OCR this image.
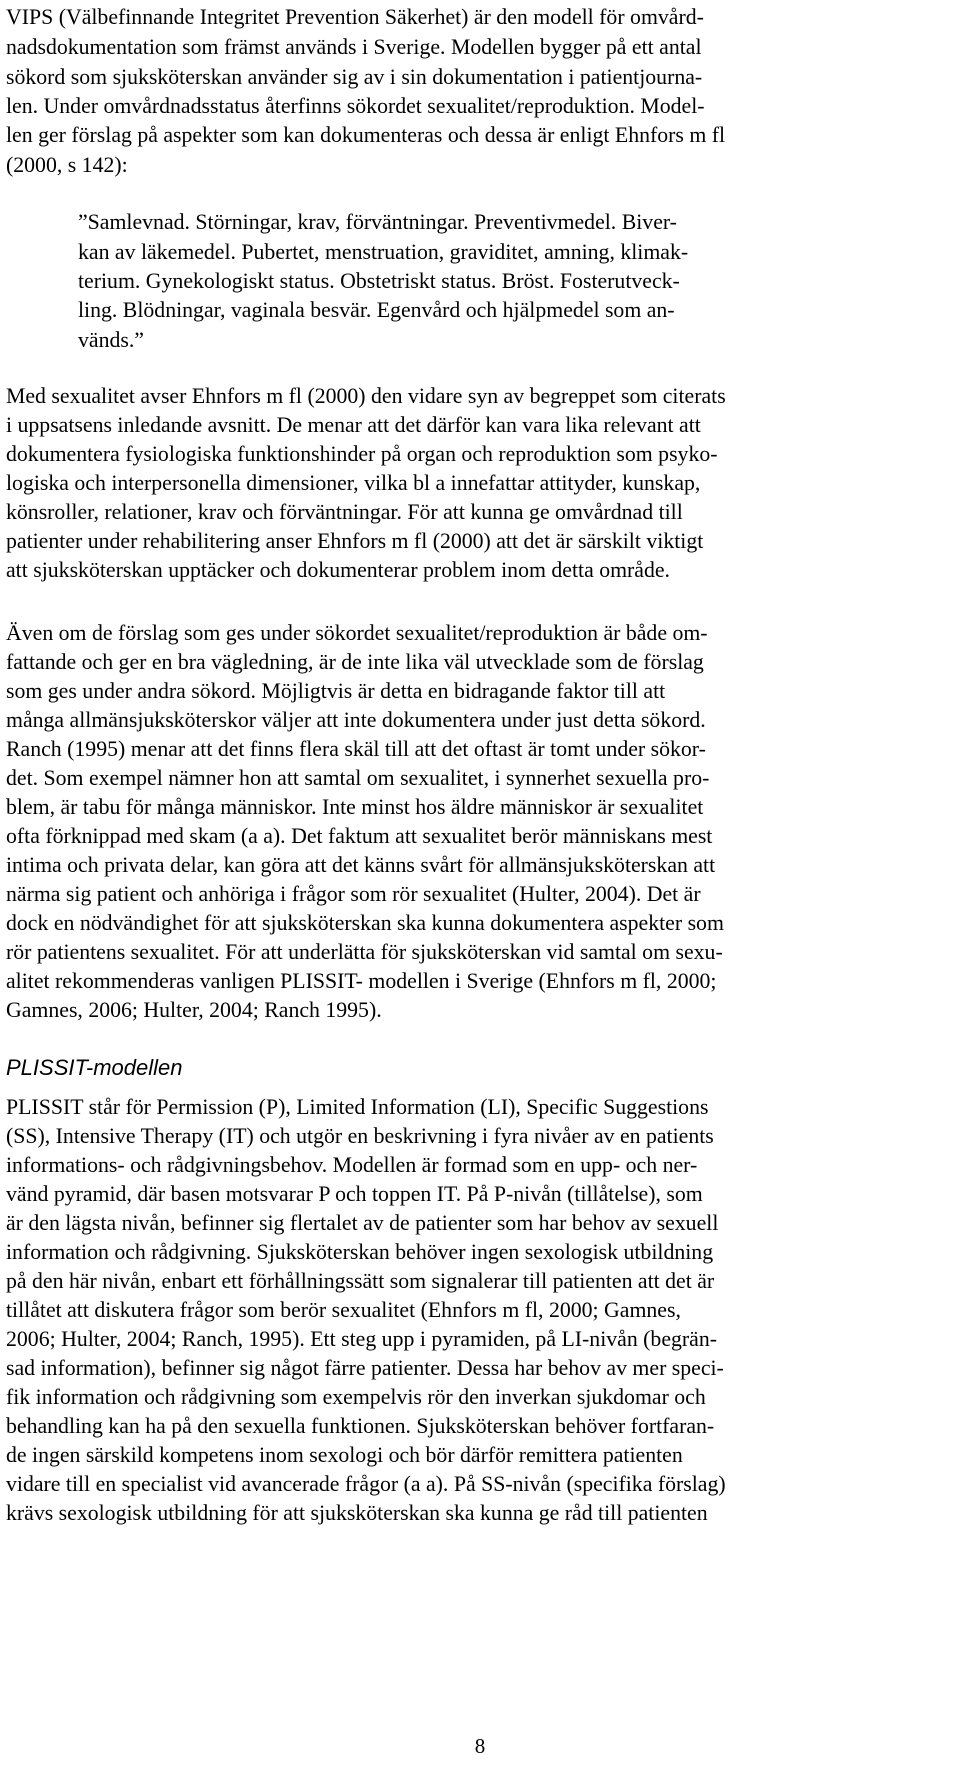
VIPS (Välbefinnande Integritet Prevention Säkerhet) är den modell för omvård-
nadsdokumentation som främst används i Sverige. Modellen bygger på ett antal
sökord som sjuksköterskan använder sig av i sin dokumentation i patientjourna-
len. Under omvårdnadsstatus återfinns sökordet sexualitet/reproduktion. Model-
len ger förslag på aspekter som kan dokumenteras och dessa är enligt Ehnfors m fl
(2000, s 142):
”Samlevnad. Störningar, krav, förväntningar. Preventivmedel. Biver-
kan av läkemedel. Pubertet, menstruation, graviditet, amning, klimak-
terium. Gynekologiskt status. Obstetriskt status. Bröst. Fosterutveck-
ling. Blödningar, vaginala besvär. Egenvård och hjälpmedel som an-
vänds.”
Med sexualitet avser Ehnfors m fl (2000) den vidare syn av begreppet som citerats
i uppsatsens inledande avsnitt. De menar att det därför kan vara lika relevant att
dokumentera fysiologiska funktionshinder på organ och reproduktion som psyko-
logiska och interpersonella dimensioner, vilka bl a innefattar attityder, kunskap,
könsroller, relationer, krav och förväntningar. För att kunna ge omvårdnad till
patienter under rehabilitering anser Ehnfors m fl (2000) att det är särskilt viktigt
att sjuksköterskan upptäcker och dokumenterar problem inom detta område.
Även om de förslag som ges under sökordet sexualitet/reproduktion är både om-
fattande och ger en bra vägledning, är de inte lika väl utvecklade som de förslag
som ges under andra sökord. Möjligtvis är detta en bidragande faktor till att
många allmänsjuksköterskor väljer att inte dokumentera under just detta sökord.
Ranch (1995) menar att det finns flera skäl till att det oftast är tomt under sökor-
det. Som exempel nämner hon att samtal om sexualitet, i synnerhet sexuella pro-
blem, är tabu för många människor. Inte minst hos äldre människor är sexualitet
ofta förknippad med skam (a a). Det faktum att sexualitet berör människans mest
intima och privata delar, kan göra att det känns svårt för allmänsjuksköterskan att
närma sig patient och anhöriga i frågor som rör sexualitet (Hulter, 2004). Det är
dock en nödvändighet för att sjuksköterskan ska kunna dokumentera aspekter som
rör patientens sexualitet. För att underlätta för sjuksköterskan vid samtal om sexu-
alitet rekommenderas vanligen PLISSIT- modellen i Sverige (Ehnfors m fl, 2000;
Gamnes, 2006; Hulter, 2004; Ranch 1995).
PLISSIT-modellen
PLISSIT står för Permission (P), Limited Information (LI), Specific Suggestions
(SS), Intensive Therapy (IT) och utgör en beskrivning i fyra nivåer av en patients
informations- och rådgivningsbehov. Modellen är formad som en upp- och ner-
vänd pyramid, där basen motsvarar P och toppen IT. På P-nivån (tillåtelse), som
är den lägsta nivån, befinner sig flertalet av de patienter som har behov av sexuell
information och rådgivning. Sjuksköterskan behöver ingen sexologisk utbildning
på den här nivån, enbart ett förhållningssätt som signalerar till patienten att det är
tillåtet att diskutera frågor som berör sexualitet (Ehnfors m fl, 2000; Gamnes,
2006; Hulter, 2004; Ranch, 1995). Ett steg upp i pyramiden, på LI-nivån (begrän-
sad information), befinner sig något färre patienter. Dessa har behov av mer speci-
fik information och rådgivning som exempelvis rör den inverkan sjukdomar och
behandling kan ha på den sexuella funktionen. Sjuksköterskan behöver fortfaran-
de ingen särskild kompetens inom sexologi och bör därför remittera patienten
vidare till en specialist vid avancerade frågor (a a). På SS-nivån (specifika förslag)
krävs sexologisk utbildning för att sjuksköterskan ska kunna ge råd till patienten
8
